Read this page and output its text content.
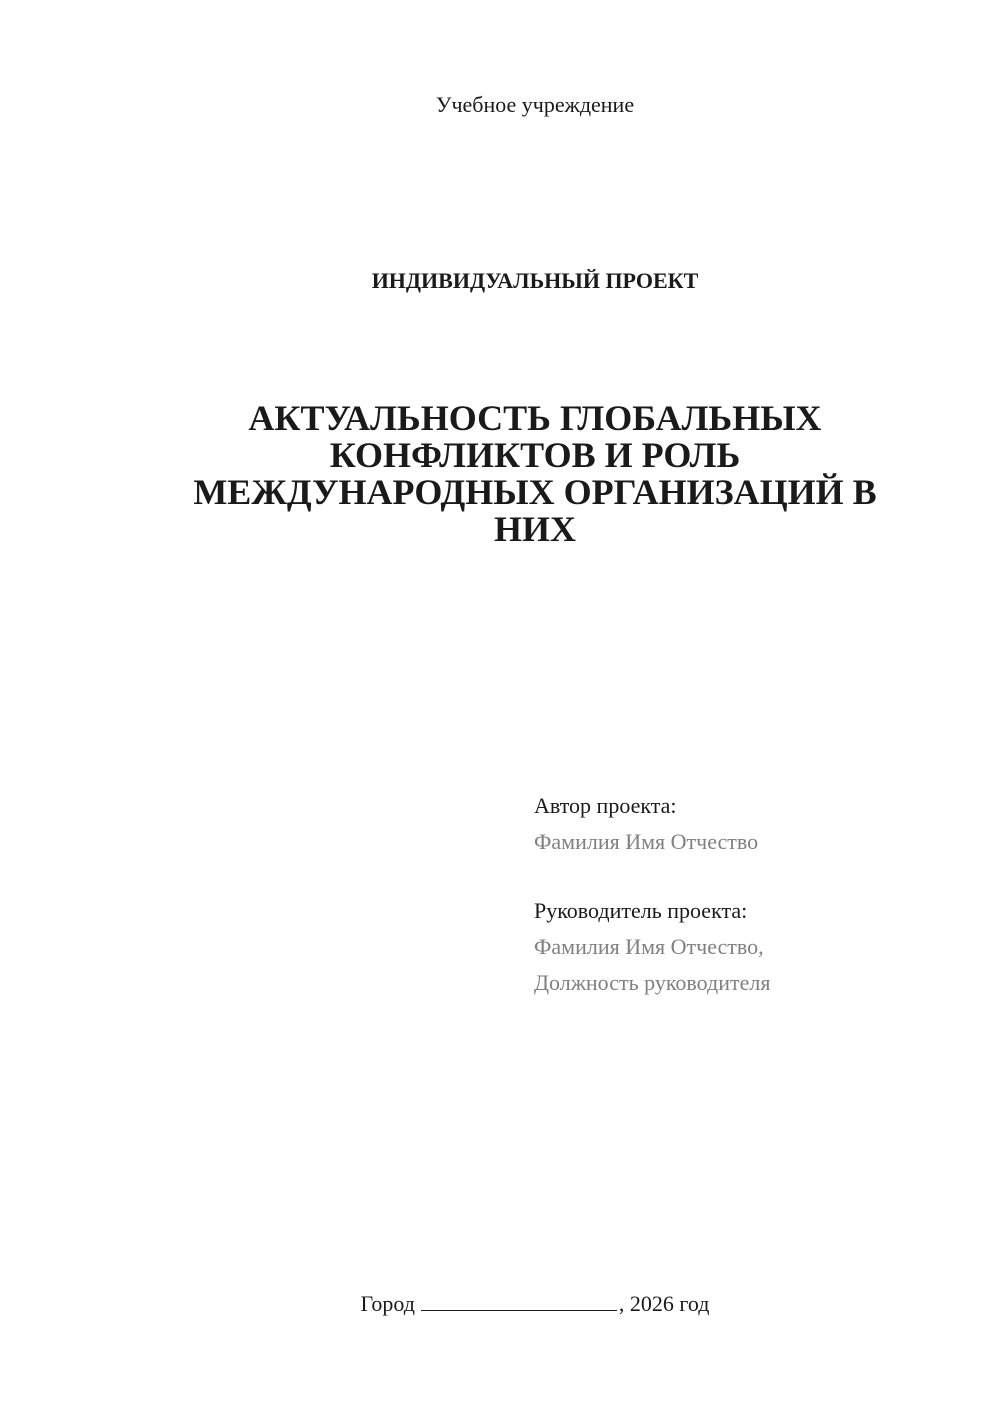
Учебное учреждение
ИНДИВИДУАЛЬНЫЙ ПРОЕКТ
АКТУАЛЬНОСТЬ ГЛОБАЛЬНЫХ
КОНФЛИКТОВ И РОЛЬ
МЕЖДУНАРОДНЫХ ОРГАНИЗАЦИЙ В
НИХ
Автор проекта:
Фамилия Имя Отчество
Руководитель проекта:
Фамилия Имя Отчество,
Должность руководителя
Город	, 2026 год
